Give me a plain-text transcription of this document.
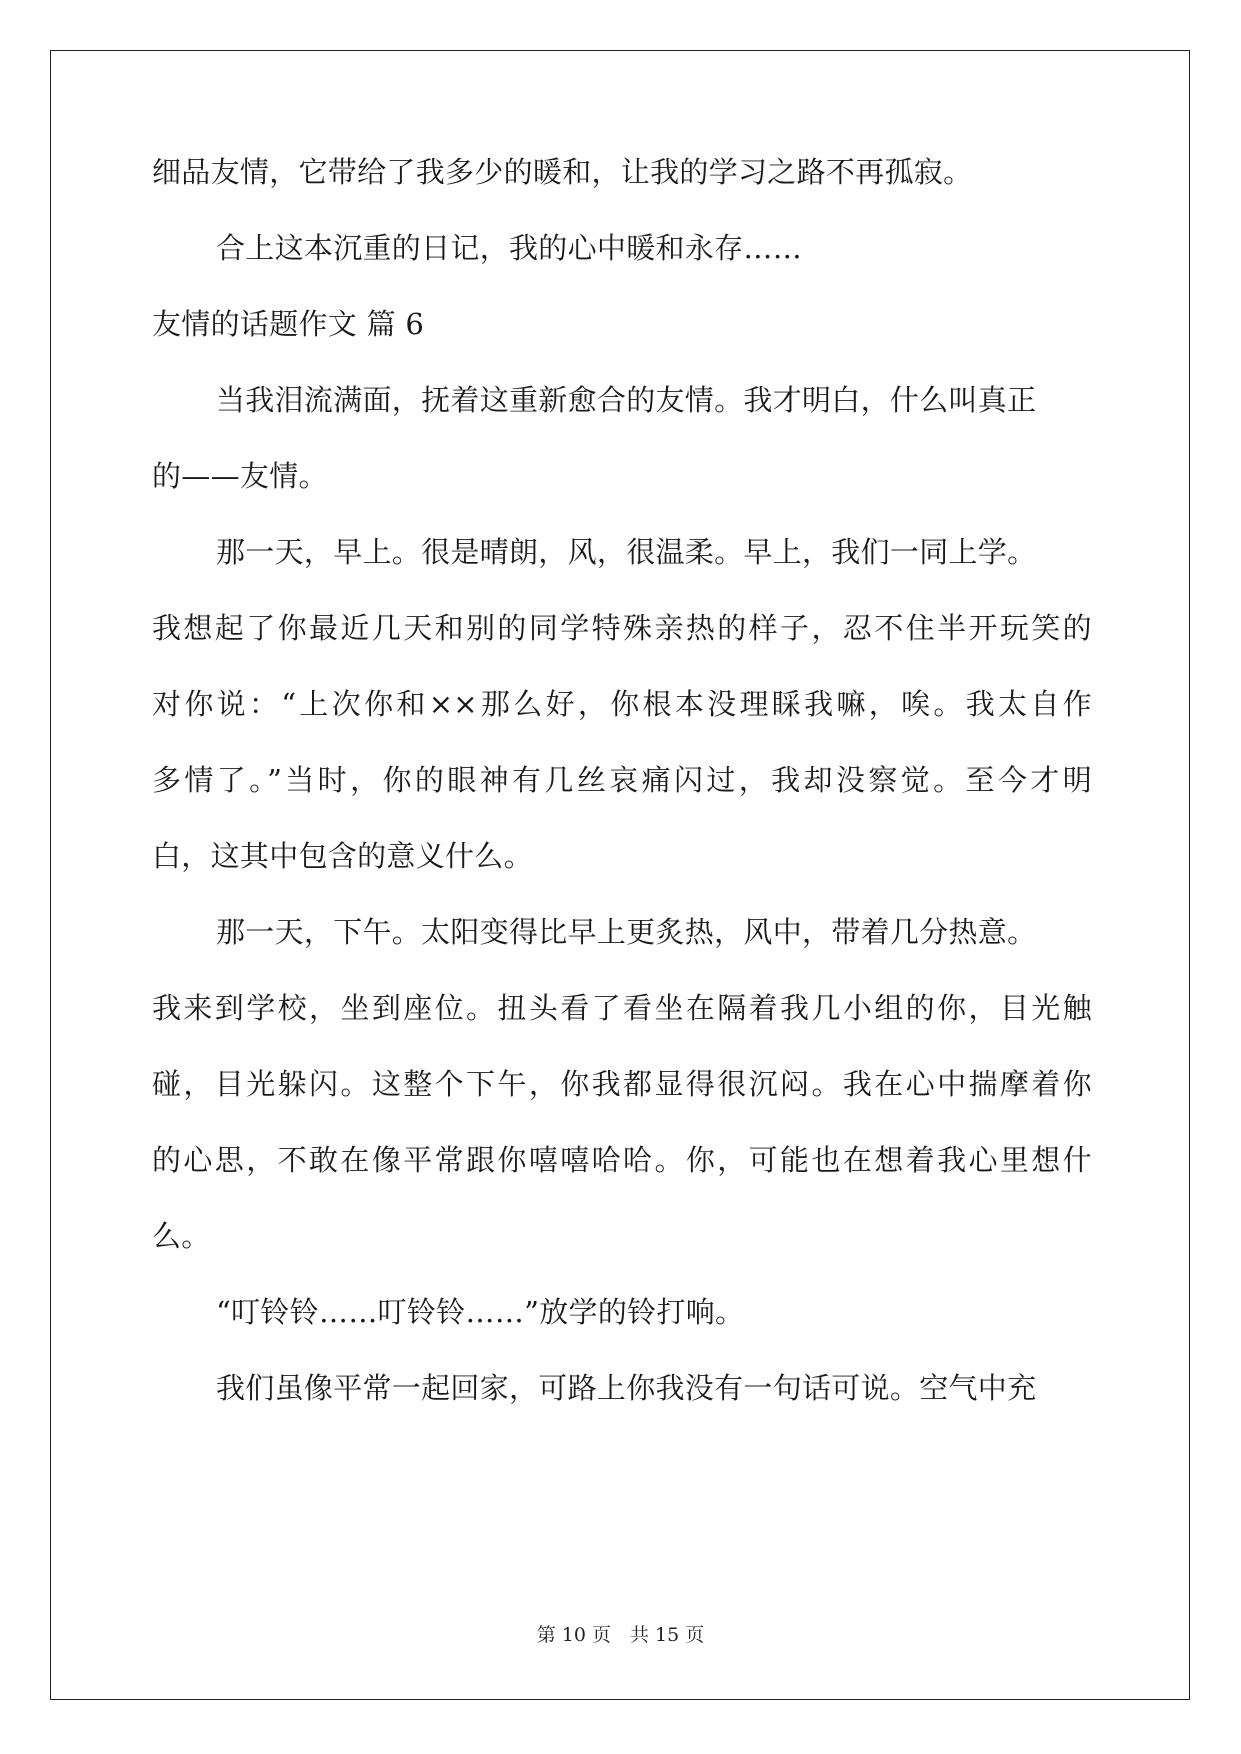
细品友情，它带给了我多少的暖和，让我的学习之路不再孤寂。
合上这本沉重的日记，我的心中暖和永存……
友情的话题作文 篇 6
当我泪流满面，抚着这重新愈合的友情。我才明白，什么叫真正
的——友情。
那一天，早上。很是晴朗，风，很温柔。早上，我们一同上学。
我想起了你最近几天和别的同学特殊亲热的样子，忍不住半开玩笑的
对你说：“上次你和××那么好，你根本没理睬我嘛，唉。我太自作
多情了。”当时，你的眼神有几丝哀痛闪过，我却没察觉。至今才明
白，这其中包含的意义什么。
那一天，下午。太阳变得比早上更炙热，风中，带着几分热意。
我来到学校，坐到座位。扭头看了看坐在隔着我几小组的你，目光触
碰，目光躲闪。这整个下午，你我都显得很沉闷。我在心中揣摩着你
的心思，不敢在像平常跟你嘻嘻哈哈。你，可能也在想着我心里想什
么。
“叮铃铃……叮铃铃……”放学的铃打响。
我们虽像平常一起回家，可路上你我没有一句话可说。空气中充
第 10 页　共 15 页
